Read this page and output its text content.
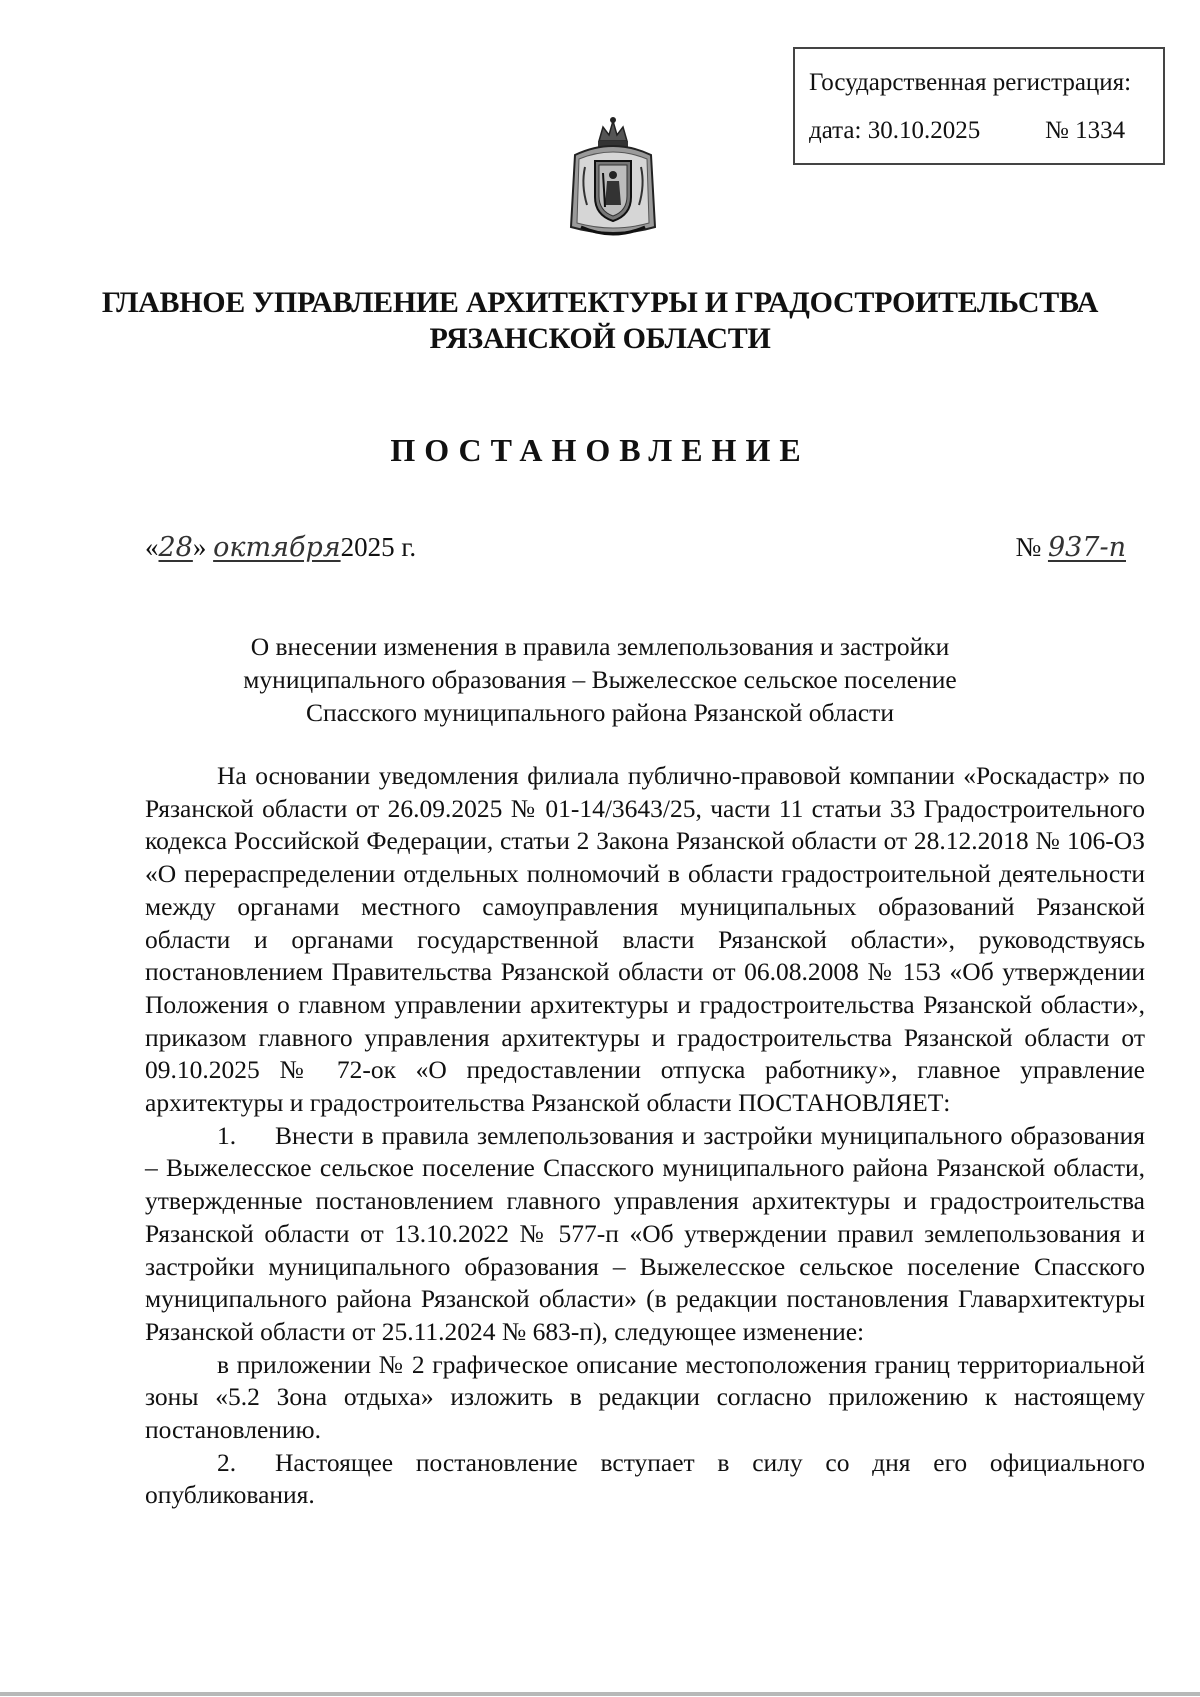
Государственная регистрация:
дата: 30.10.2025	№ 1334
ГЛАВНОЕ УПРАВЛЕНИЕ АРХИТЕКТУРЫ И ГРАДОСТРОИТЕЛЬСТВА
РЯЗАНСКОЙ ОБЛАСТИ
ПОСТАНОВЛЕНИЕ
«28» октября2025 г.	№ 937-п
О внесении изменения в правила землепользования и застройки
муниципального образования – Выжелесское сельское поселение
Спасского муниципального района Рязанской области

На основании уведомления филиала публично-правовой компании «Роскадастр» по Рязанской области от 26.09.2025 № 01-14/3643/25, части 11 статьи 33 Градостроительного кодекса Российской Федерации, статьи 2 Закона Рязанской области от 28.12.2018 № 106-ОЗ «О перераспределении отдельных полномочий в области градостроительной деятельности между органами местного самоуправления муниципальных образований Рязанской области и органами государственной власти Рязанской области», руководствуясь постановлением Правительства Рязанской области от 06.08.2008 № 153 «Об утверждении Положения о главном управлении архитектуры и градостроительства Рязанской области», приказом главного управления архитектуры и градостроительства Рязанской области от 09.10.2025 № 72-ок «О предоставлении отпуска работнику», главное управление архитектуры и градостроительства Рязанской области ПОСТАНОВЛЯЕТ:

1. Внести в правила землепользования и застройки муниципального образования – Выжелесское сельское поселение Спасского муниципального района Рязанской области, утвержденные постановлением главного управления архитектуры и градостроительства Рязанской области от 13.10.2022 № 577-п «Об утверждении правил землепользования и застройки муниципального образования – Выжелесское сельское поселение Спасского муниципального района Рязанской области» (в редакции постановления Главархитектуры Рязанской области от 25.11.2024 № 683-п), следующее изменение:

в приложении № 2 графическое описание местоположения границ территориальной зоны «5.2 Зона отдыха» изложить в редакции согласно приложению к настоящему постановлению.

2. Настоящее постановление вступает в силу со дня его официального опубликования.
